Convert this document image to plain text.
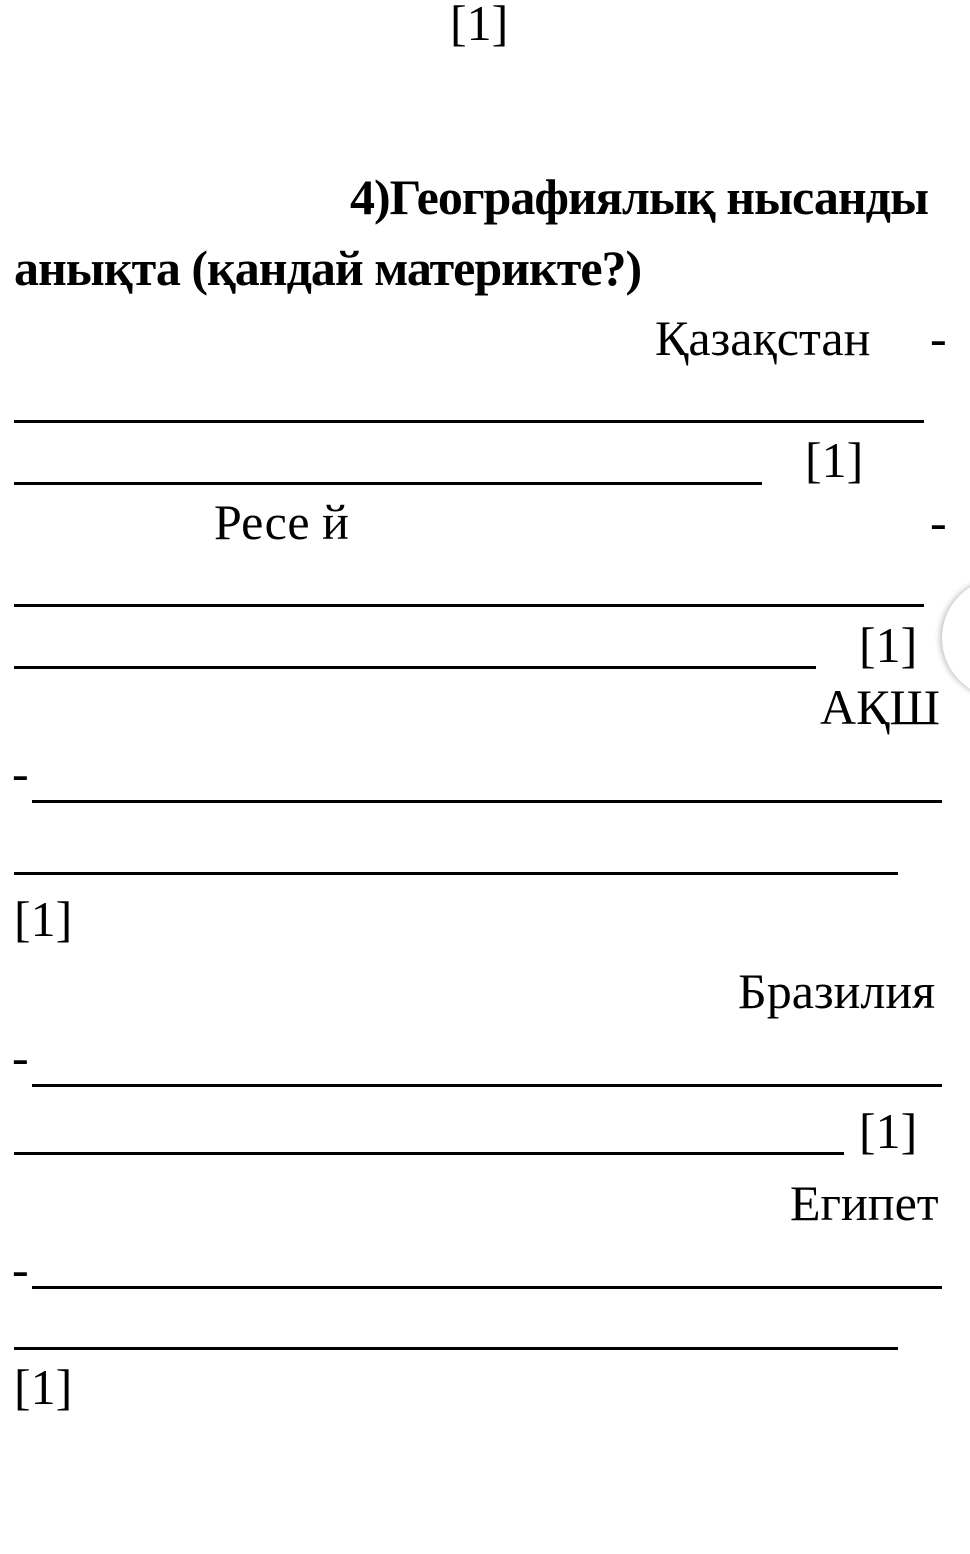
[1]
4)Географиялық нысанды
анықта (қандай материкте?)
Қазақстан -
[1]
Ресе й	-
[1]
АҚШ
-
[1]
Бразилия
-
[1]
Египет
-
[1]
